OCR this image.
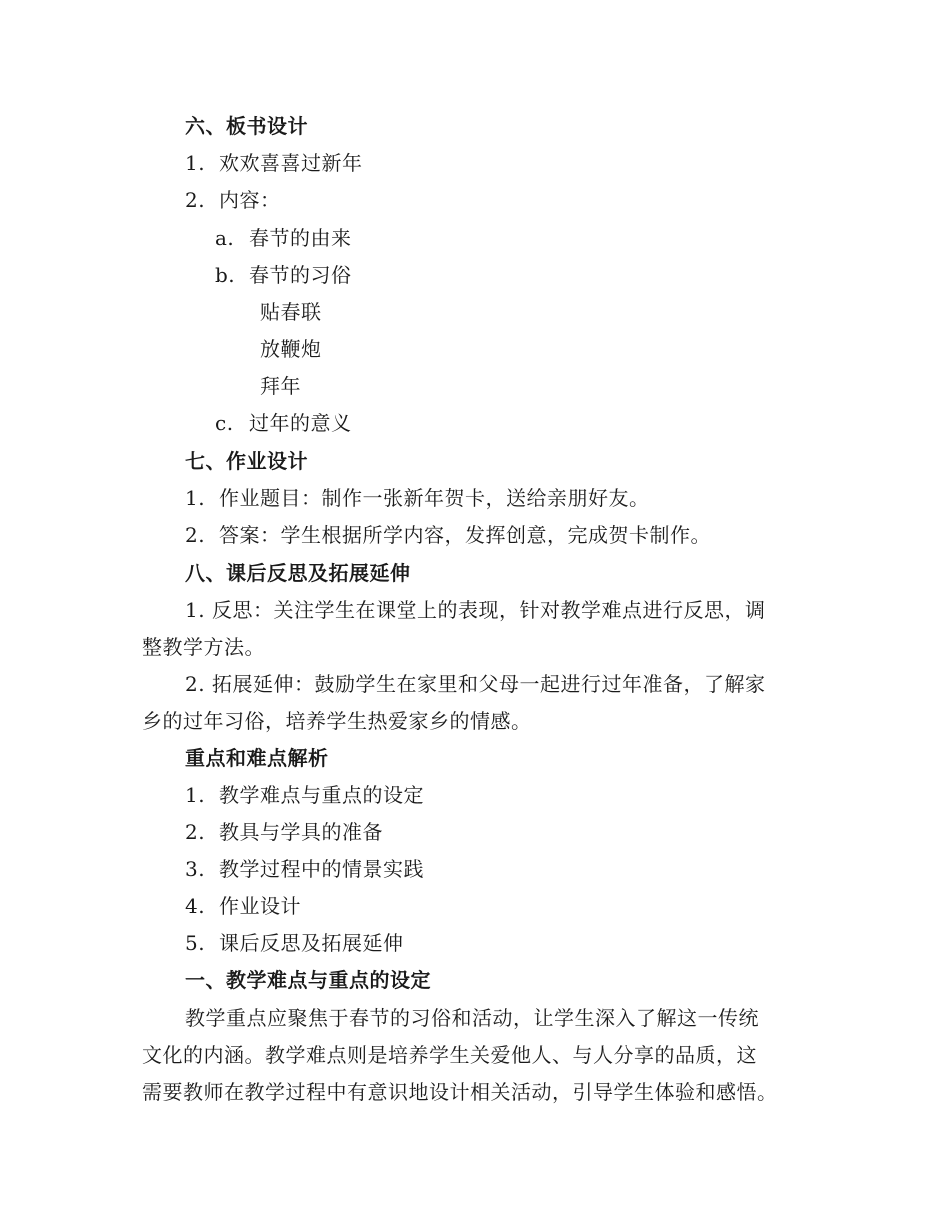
六、板书设计
1. 欢欢喜喜过新年
2. 内容：
a. 春节的由来
b. 春节的习俗
贴春联
放鞭炮
拜年
c. 过年的意义
七、作业设计
1. 作业题目：制作一张新年贺卡，送给亲朋好友。
2. 答案：学生根据所学内容，发挥创意，完成贺卡制作。
八、课后反思及拓展延伸
1. 反思：关注学生在课堂上的表现，针对教学难点进行反思，调
整教学方法。
2. 拓展延伸：鼓励学生在家里和父母一起进行过年准备，了解家
乡的过年习俗，培养学生热爱家乡的情感。
重点和难点解析
1. 教学难点与重点的设定
2. 教具与学具的准备
3. 教学过程中的情景实践
4. 作业设计
5. 课后反思及拓展延伸
一、教学难点与重点的设定
教学重点应聚焦于春节的习俗和活动，让学生深入了解这一传统
文化的内涵。教学难点则是培养学生关爱他人、与人分享的品质，这
需要教师在教学过程中有意识地设计相关活动，引导学生体验和感悟。
